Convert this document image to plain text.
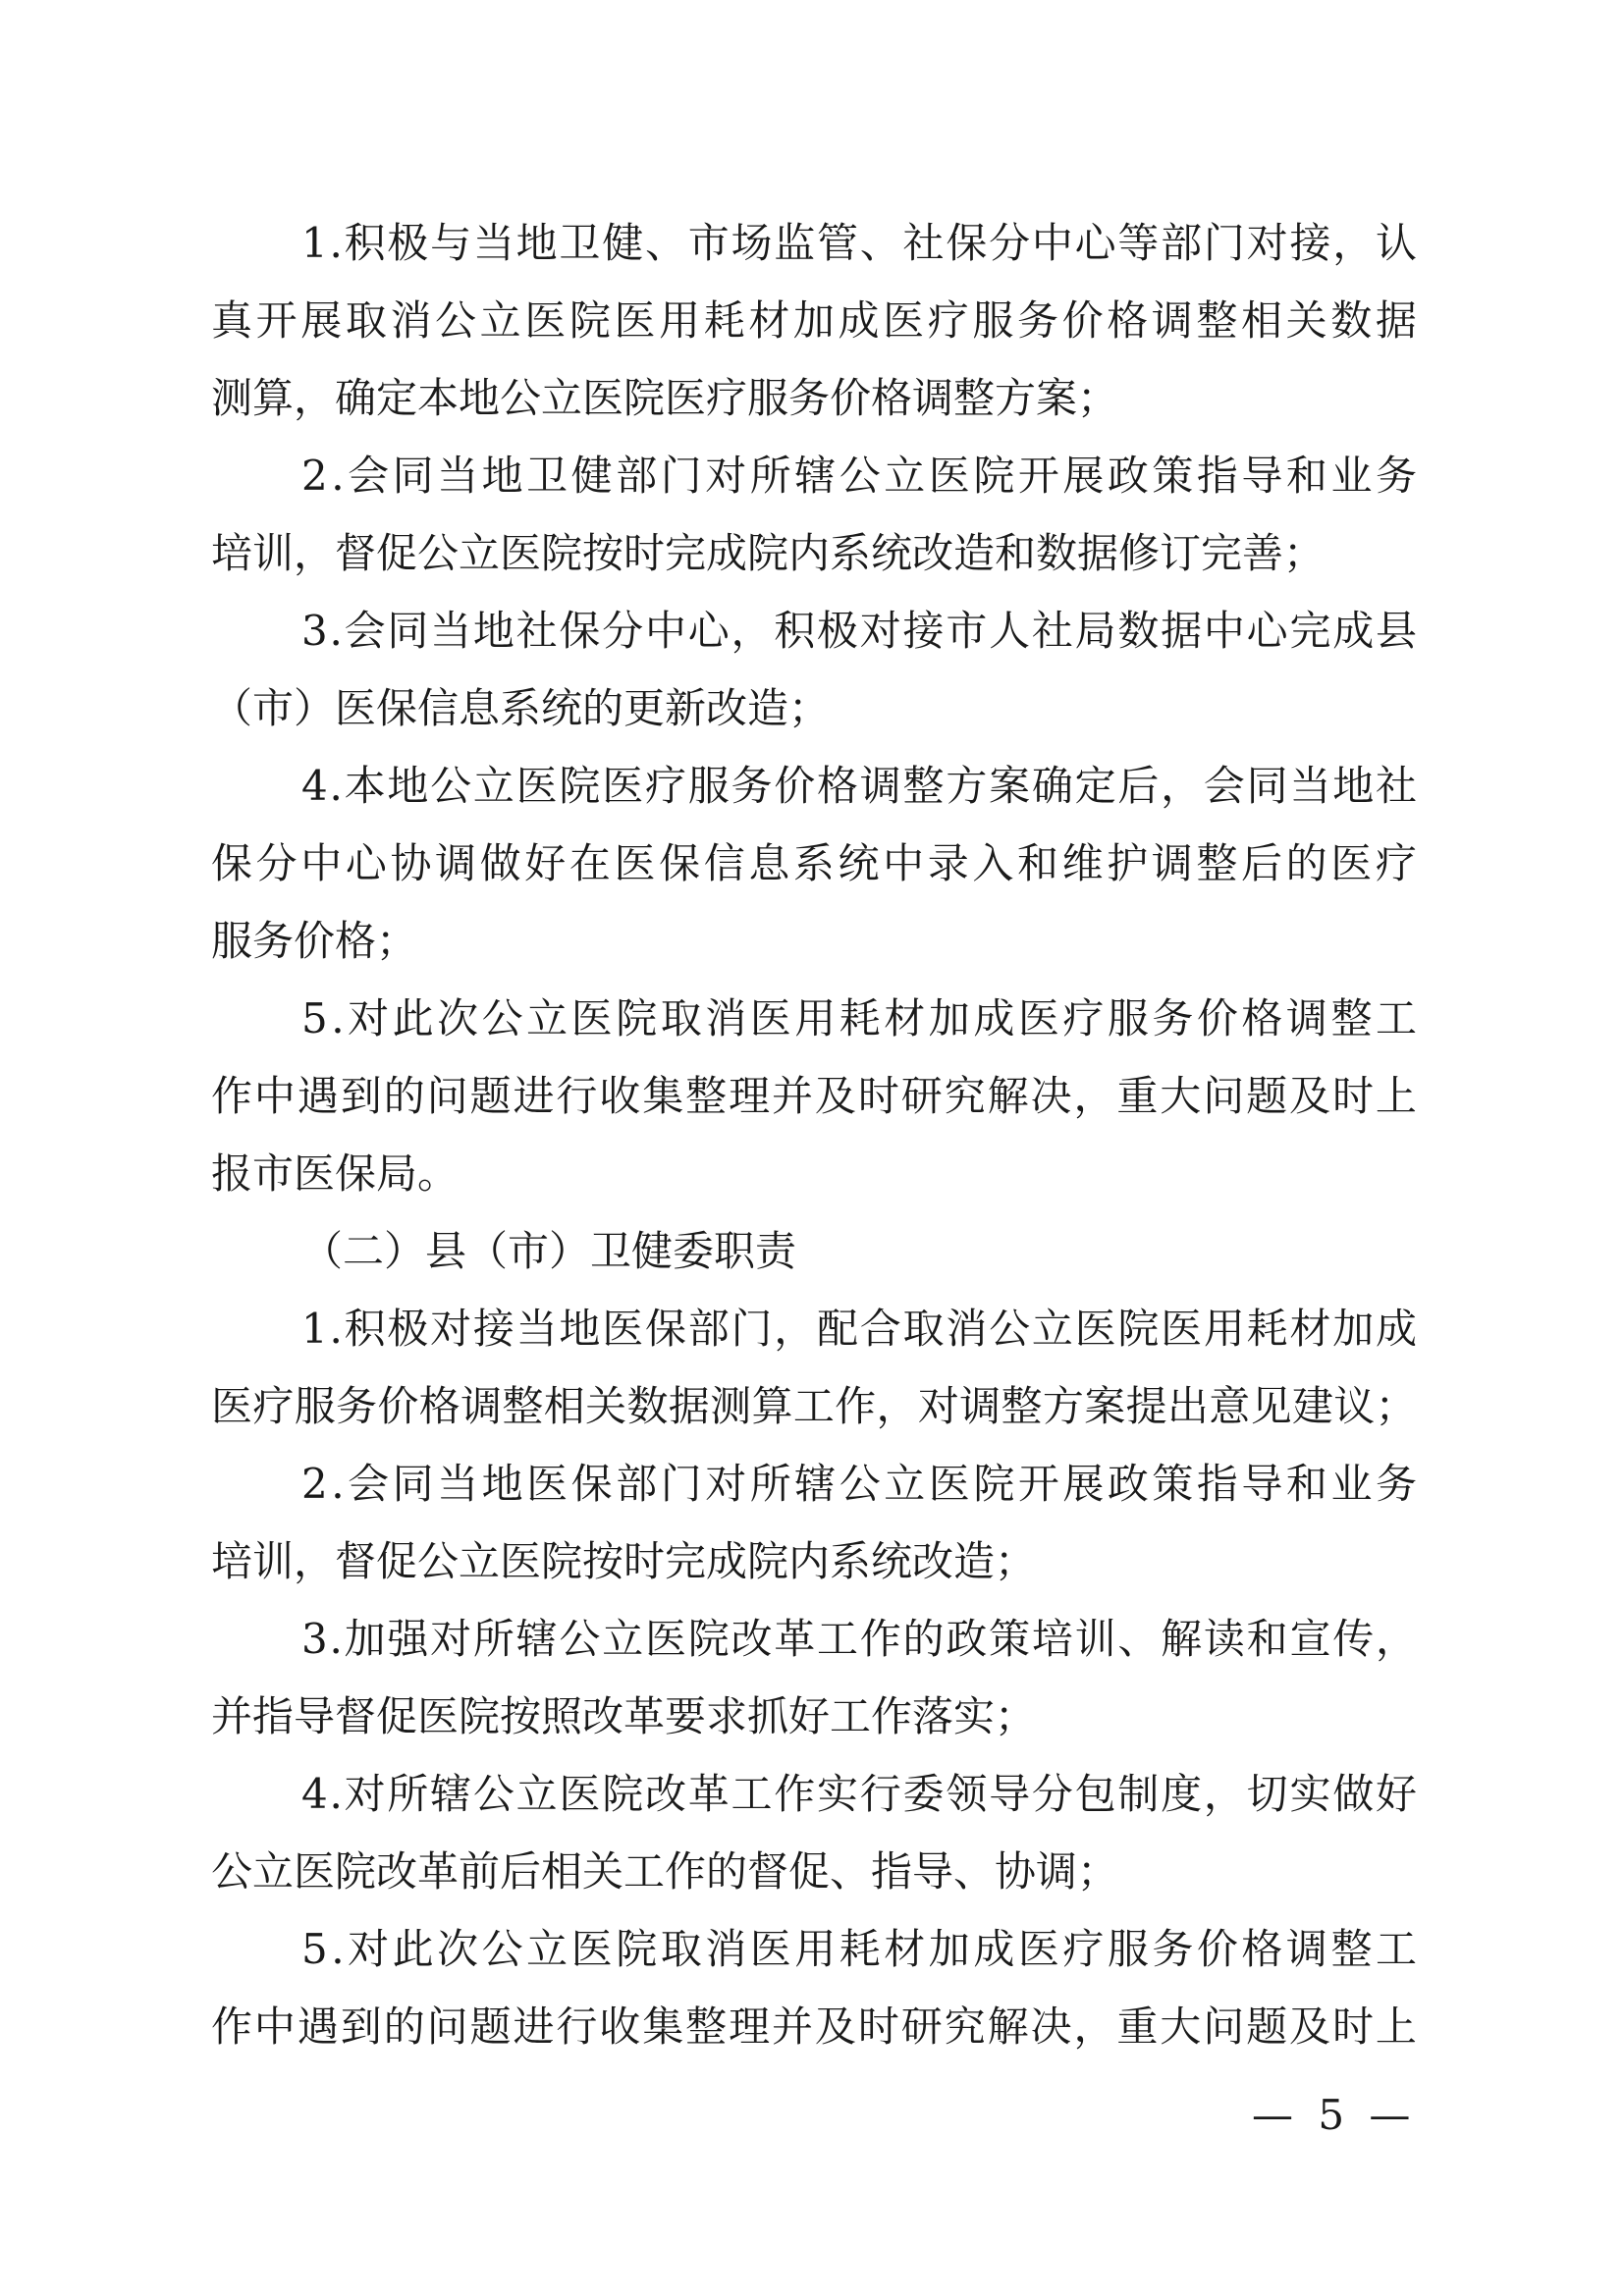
1 . 积 极 与 当 地 卫 健 、 市 场 监 管 、 社 保 分 中 心 等 部 门 对 接 ， 认
真 开 展 取 消 公 立 医 院 医 用 耗 材 加 成 医 疗 服 务 价 格 调 整 相 关 数 据
测算，确定本地公立医院医疗服务价格调整方案；
2 . 会 同 当 地 卫 健 部 门 对 所 辖 公 立 医 院 开 展 政 策 指 导 和 业 务
培训，督促公立医院按时完成院内系统改造和数据修订完善；
3 . 会 同 当 地 社 保 分 中 心 ， 积 极 对 接 市 人 社 局 数 据 中 心 完 成 县
（市）医保信息系统的更新改造；
4 . 本 地 公 立 医 院 医 疗 服 务 价 格 调 整 方 案 确 定 后 ， 会 同 当 地 社
保 分 中 心 协 调 做 好 在 医 保 信 息 系 统 中 录 入 和 维 护 调 整 后 的 医 疗
服务价格；
5 . 对 此 次 公 立 医 院 取 消 医 用 耗 材 加 成 医 疗 服 务 价 格 调 整 工
作 中 遇 到 的 问 题 进 行 收 集 整 理 并 及 时 研 究 解 决 ， 重 大 问 题 及 时 上
报市医保局。
（二）县（市）卫健委职责
1 . 积 极 对 接 当 地 医 保 部 门 ， 配 合 取 消 公 立 医 院 医 用 耗 材 加 成
医 疗 服 务 价 格 调 整 相 关 数 据 测 算 工 作 ， 对 调 整 方 案 提 出 意 见 建 议 ；
2 . 会 同 当 地 医 保 部 门 对 所 辖 公 立 医 院 开 展 政 策 指 导 和 业 务
培训，督促公立医院按时完成院内系统改造；
3 . 加 强 对 所 辖 公 立 医 院 改 革 工 作 的 政 策 培 训 、 解 读 和 宣 传 ，
并指导督促医院按照改革要求抓好工作落实；
4 . 对 所 辖 公 立 医 院 改 革 工 作 实 行 委 领 导 分 包 制 度 ， 切 实 做 好
公立医院改革前后相关工作的督促、指导、协调；
5 . 对 此 次 公 立 医 院 取 消 医 用 耗 材 加 成 医 疗 服 务 价 格 调 整 工
作 中 遇 到 的 问 题 进 行 收 集 整 理 并 及 时 研 究 解 决 ， 重 大 问 题 及 时 上
— 5 —
